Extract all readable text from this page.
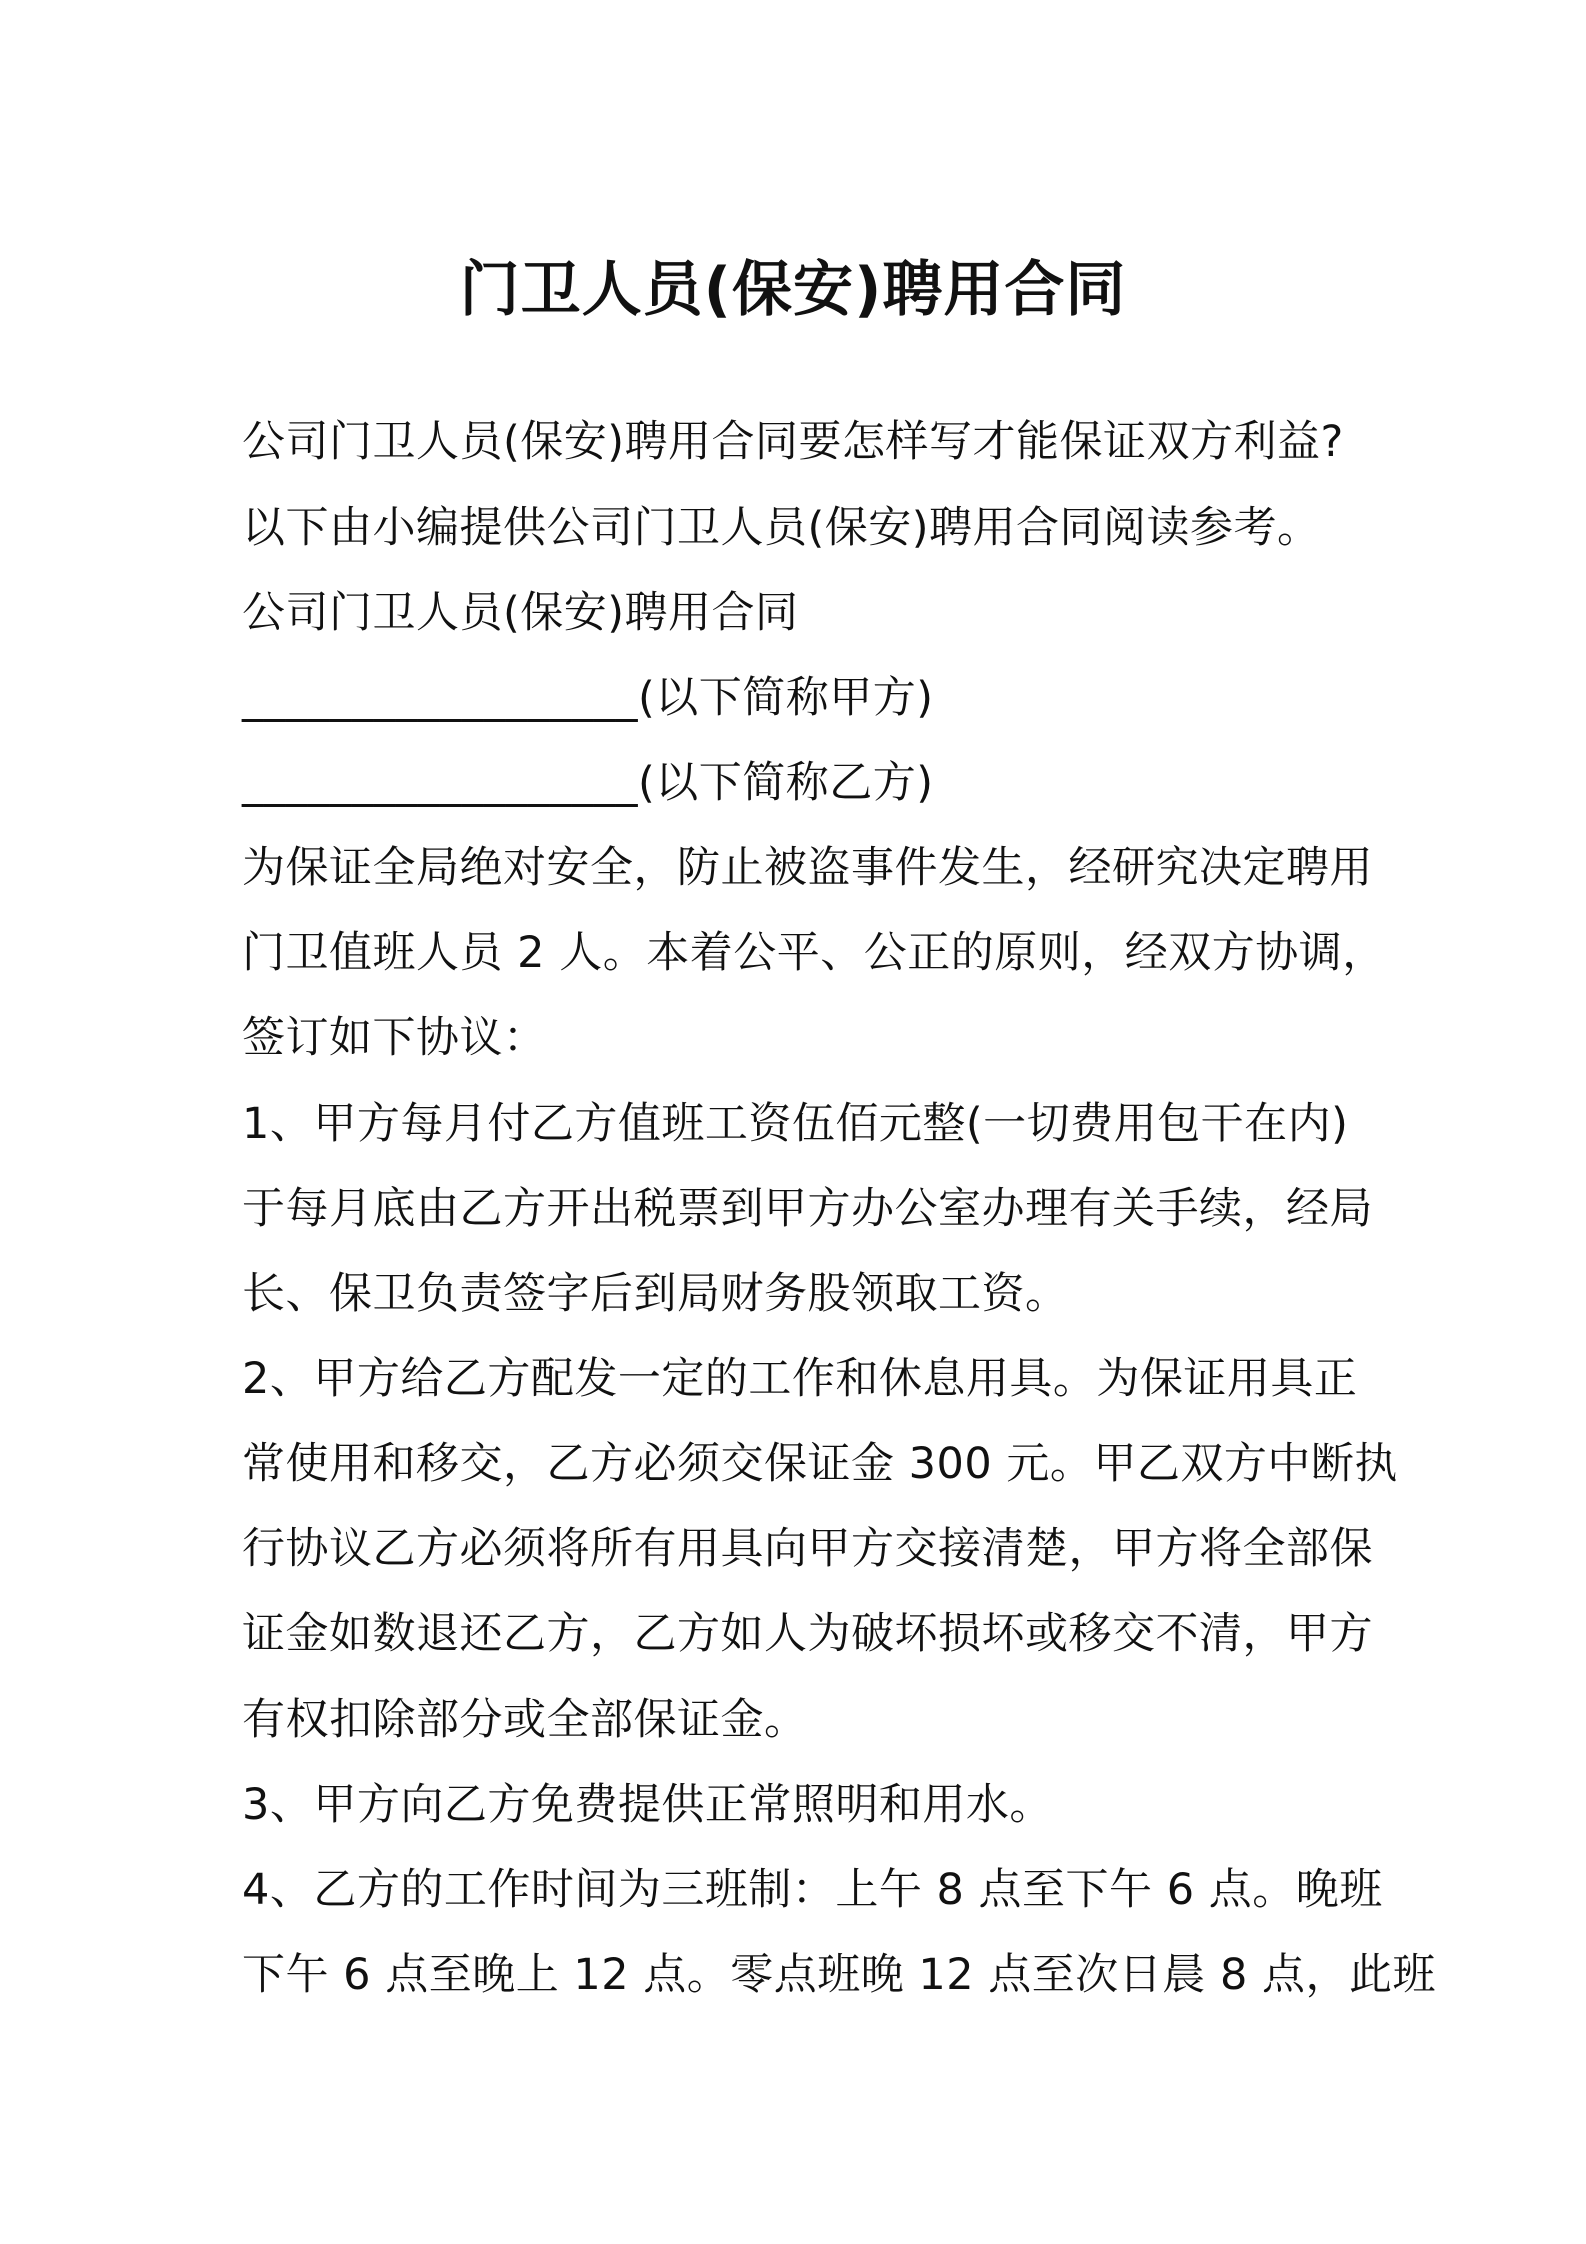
门卫人员(保安)聘用合同
公司门卫人员(保安)聘用合同要怎样写才能保证双方利益?
以下由小编提供公司门卫人员(保安)聘用合同阅读参考。
公司门卫人员(保安)聘用合同
__________________(以下简称甲方)
__________________(以下简称乙方)
为保证全局绝对安全，防止被盗事件发生，经研究决定聘用
门卫值班人员 2 人。本着公平、公正的原则，经双方协调，
签订如下协议：
1、甲方每月付乙方值班工资伍佰元整(一切费用包干在内)
于每月底由乙方开出税票到甲方办公室办理有关手续，经局
长、保卫负责签字后到局财务股领取工资。
2、甲方给乙方配发一定的工作和休息用具。为保证用具正
常使用和移交，乙方必须交保证金 300 元。甲乙双方中断执
行协议乙方必须将所有用具向甲方交接清楚，甲方将全部保
证金如数退还乙方，乙方如人为破坏损坏或移交不清，甲方
有权扣除部分或全部保证金。
3、甲方向乙方免费提供正常照明和用水。
4、乙方的工作时间为三班制：上午 8 点至下午 6 点。晚班
下午 6 点至晚上 12 点。零点班晚 12 点至次日晨 8 点，此班
